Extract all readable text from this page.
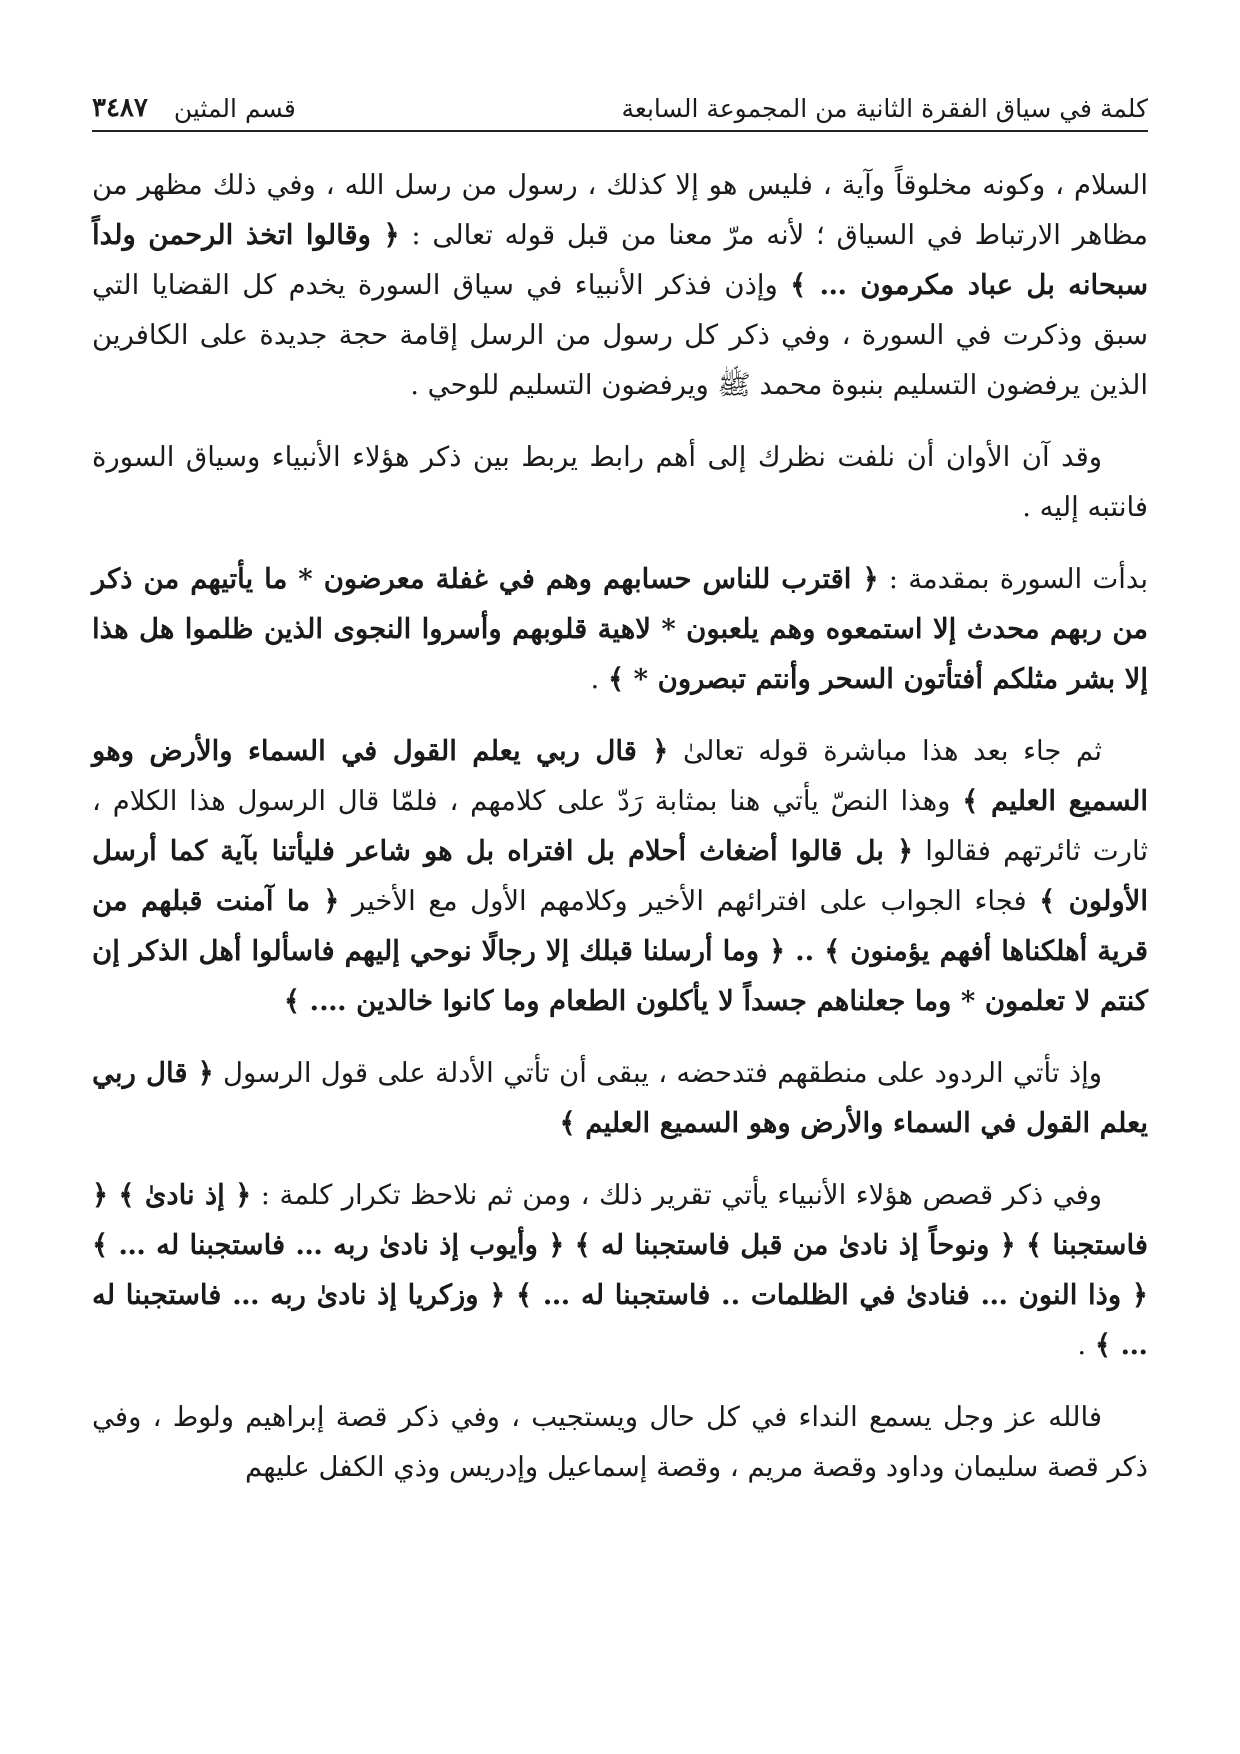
كلمة في سياق الفقرة الثانية من المجموعة السابعة
قسم المثين
٣٤٨٧

السلام ، وكونه مخلوقاً وآية ، فليس هو إلا كذلك ، رسول من رسل الله ، وفي ذلك مظهر من مظاهر الارتباط في السياق ؛ لأنه مرّ معنا من قبل قوله تعالى : ﴿ وقالوا اتخذ الرحمن ولداً سبحانه بل عباد مكرمون … ﴾ وإذن فذكر الأنبياء في سياق السورة يخدم كل القضايا التي سبق وذكرت في السورة ، وفي ذكر كل رسول من الرسل إقامة حجة جديدة على الكافرين الذين يرفضون التسليم بنبوة محمد ﷺ ويرفضون التسليم للوحي .

وقد آن الأوان أن نلفت نظرك إلى أهم رابط يربط بين ذكر هؤلاء الأنبياء وسياق السورة فانتبه إليه .

بدأت السورة بمقدمة : ﴿ اقترب للناس حسابهم وهم في غفلة معرضون * ما يأتيهم من ذكر من ربهم محدث إلا استمعوه وهم يلعبون * لاهية قلوبهم وأسروا النجوى الذين ظلموا هل هذا إلا بشر مثلكم أفتأتون السحر وأنتم تبصرون * ﴾ .

ثم جاء بعد هذا مباشرة قوله تعالىٰ ﴿ قال ربي يعلم القول في السماء والأرض وهو السميع العليم ﴾ وهذا النصّ يأتي هنا بمثابة رَدّ على كلامهم ، فلمّا قال الرسول هذا الكلام ، ثارت ثائرتهم فقالوا ﴿ بل قالوا أضغاث أحلام بل افتراه بل هو شاعر فليأتنا بآية كما أرسل الأولون ﴾ فجاء الجواب على افترائهم الأخير وكلامهم الأول مع الأخير ﴿ ما آمنت قبلهم من قرية أهلكناها أفهم يؤمنون ﴾ .. ﴿ وما أرسلنا قبلك إلا رجالًا نوحي إليهم فاسألوا أهل الذكر إن كنتم لا تعلمون * وما جعلناهم جسداً لا يأكلون الطعام وما كانوا خالدين …. ﴾

وإذ تأتي الردود على منطقهم فتدحضه ، يبقى أن تأتي الأدلة على قول الرسول ﴿ قال ربي يعلم القول في السماء والأرض وهو السميع العليم ﴾

وفي ذكر قصص هؤلاء الأنبياء يأتي تقرير ذلك ، ومن ثم نلاحظ تكرار كلمة : ﴿ إذ نادىٰ ﴾ ﴿ فاستجبنا ﴾ ﴿ ونوحاً إذ نادىٰ من قبل فاستجبنا له ﴾ ﴿ وأيوب إذ نادىٰ ربه … فاستجبنا له … ﴾ ﴿ وذا النون … فنادىٰ في الظلمات .. فاستجبنا له … ﴾ ﴿ وزكريا إذ نادىٰ ربه … فاستجبنا له … ﴾ .

فالله عز وجل يسمع النداء في كل حال ويستجيب ، وفي ذكر قصة إبراهيم ولوط ، وفي ذكر قصة سليمان وداود وقصة مريم ، وقصة إسماعيل وإدريس وذي الكفل عليهم
